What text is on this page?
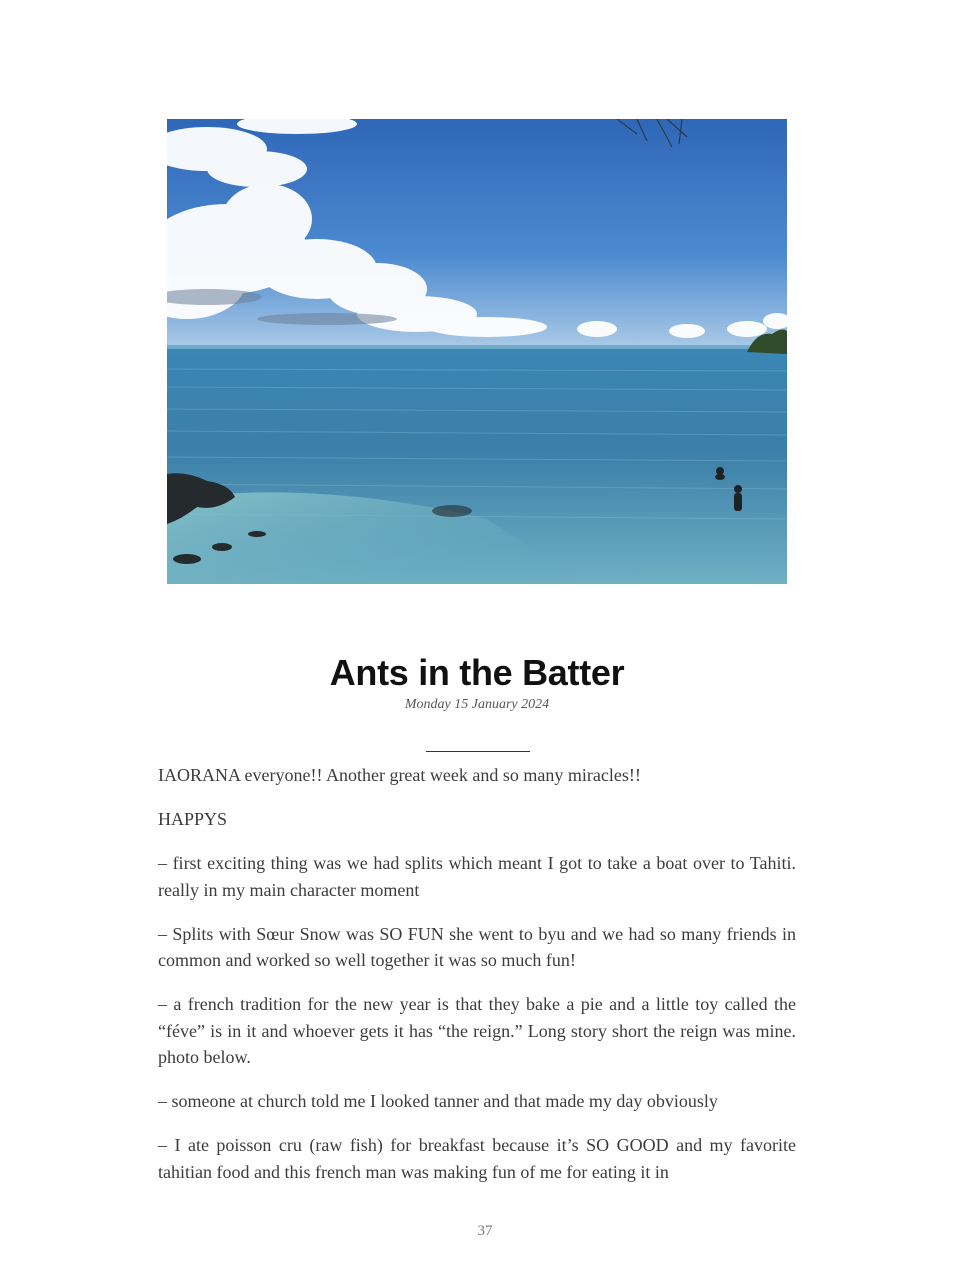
Ants in the Batter
Monday 15 January 2024

IAORANA everyone!! Another great week and so many miracles!!

HAPPYS

– first exciting thing was we had splits which meant I got to take a boat over to Tahiti. really in my main character moment

– Splits with Sœur Snow was SO FUN she went to byu and we had so many friends in common and worked so well together it was so much fun!

– a french tradition for the new year is that they bake a pie and a little toy called the “féve” is in it and whoever gets it has “the reign.” Long story short the reign was mine. photo below.

– someone at church told me I looked tanner and that made my day obviously

– I ate poisson cru (raw fish) for breakfast because it’s SO GOOD and my favorite tahitian food and this french man was making fun of me for eating it in

37
